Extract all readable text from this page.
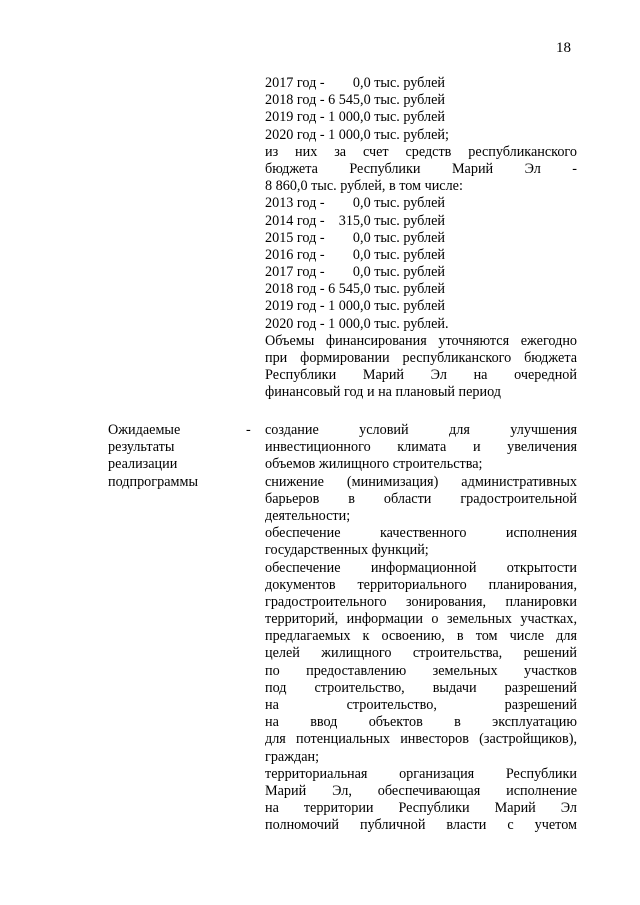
18
2017 год -        0,0 тыс. рублей
2018 год - 6 545,0 тыс. рублей
2019 год - 1 000,0 тыс. рублей
2020 год - 1 000,0 тыс. рублей;
из них за счет средств республиканского
бюджета Республики Марий Эл -
8 860,0 тыс. рублей, в том числе:
2013 год -        0,0 тыс. рублей
2014 год -    315,0 тыс. рублей
2015 год -        0,0 тыс. рублей
2016 год -        0,0 тыс. рублей
2017 год -        0,0 тыс. рублей
2018 год - 6 545,0 тыс. рублей
2019 год - 1 000,0 тыс. рублей
2020 год - 1 000,0 тыс. рублей.
Объемы финансирования уточняются ежегодно
при формировании республиканского бюджета
Республики Марий Эл на очередной
финансовый год и на плановый период
Ожидаемые
результаты
реализации
подпрограммы
- создание условий для улучшения
инвестиционного климата и увеличения
объемов жилищного строительства;
снижение (минимизация) административных
барьеров в области градостроительной
деятельности;
обеспечение качественного исполнения
государственных функций;
обеспечение информационной открытости
документов территориального планирования,
градостроительного зонирования, планировки
территорий, информации о земельных участках,
предлагаемых к освоению, в том числе для
целей жилищного строительства, решений
по предоставлению земельных участков
под строительство, выдачи разрешений
на строительство, разрешений
на ввод объектов в эксплуатацию
для потенциальных инвесторов (застройщиков),
граждан;
территориальная организация Республики
Марий Эл, обеспечивающая исполнение
на территории Республики Марий Эл
полномочий публичной власти с учетом
